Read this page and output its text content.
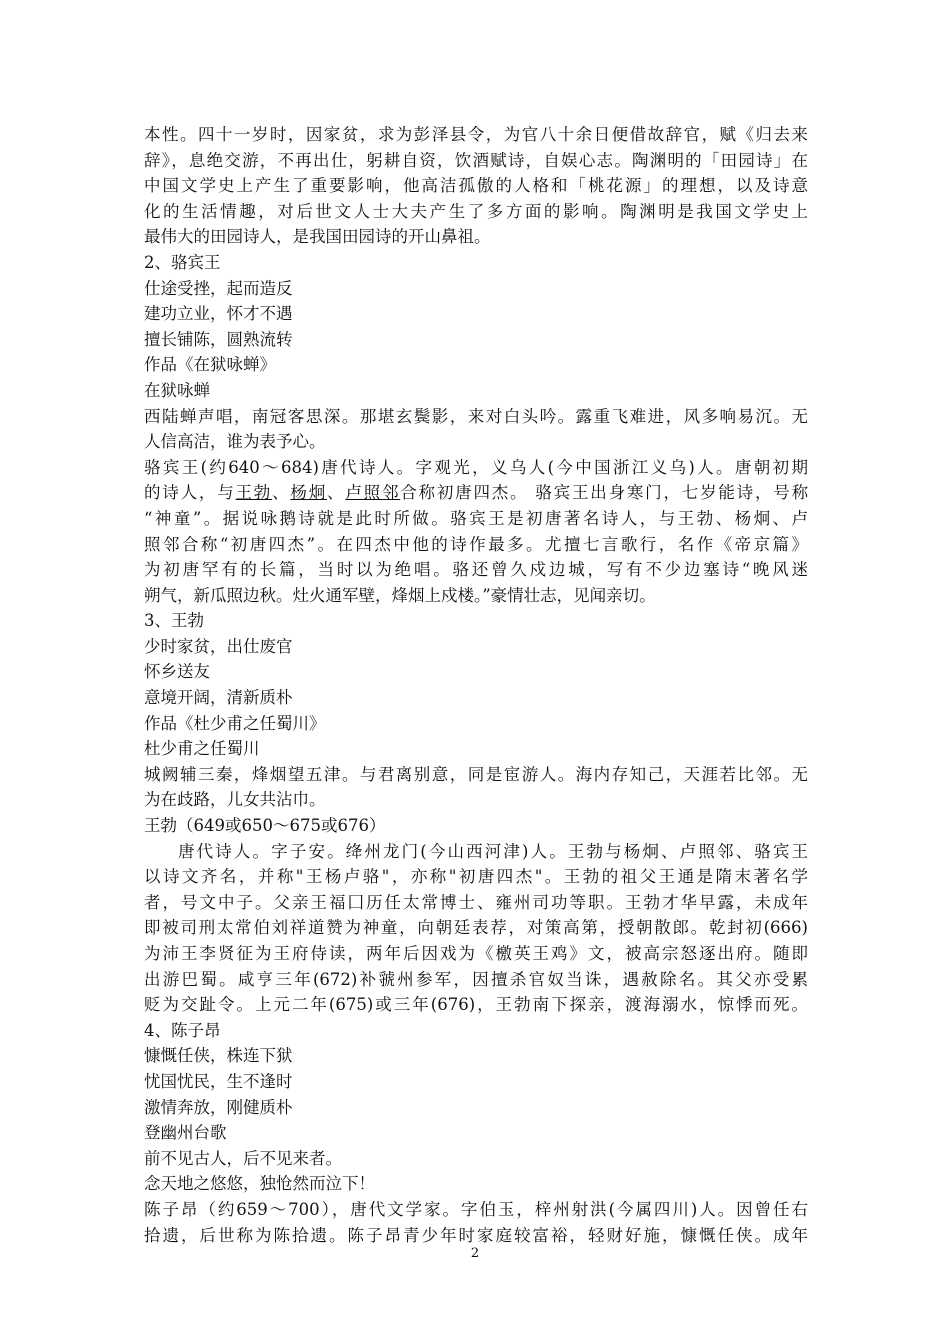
本性。四十一岁时，因家贫，求为彭泽县令，为官八十余日便借故辞官，赋《归去来
辞》，息绝交游，不再出仕，躬耕自资，饮酒赋诗，自娱心志。陶渊明的「田园诗」在
中国文学史上产生了重要影响，他高洁孤傲的人格和「桃花源」的理想，以及诗意
化的生活情趣，对后世文人士大夫产生了多方面的影响。陶渊明是我国文学史上
最伟大的田园诗人，是我国田园诗的开山鼻祖。
2、骆宾王
仕途受挫，起而造反
建功立业，怀才不遇
擅长铺陈，圆熟流转
作品《在狱咏蝉》
在狱咏蝉
西陆蝉声唱，南冠客思深。那堪玄鬓影，来对白头吟。露重飞难进，风多响易沉。无
人信高洁，谁为表予心。
骆宾王(约640～684)唐代诗人。字观光，义乌人(今中国浙江义乌)人。唐朝初期
的诗人，与王勃、杨炯、卢照邻合称初唐四杰。 骆宾王出身寒门，七岁能诗，号称
“神童”。据说咏鹅诗就是此时所做。骆宾王是初唐著名诗人，与王勃、杨炯、卢
照邻合称“初唐四杰”。在四杰中他的诗作最多。尤擅七言歌行，名作《帝京篇》
为初唐罕有的长篇，当时以为绝唱。骆还曾久戍边城，写有不少边塞诗“晚风迷
朔气，新瓜照边秋。灶火通军壁，烽烟上戍楼。”豪情壮志，见闻亲切。
3、王勃
少时家贫，出仕废官
怀乡送友
意境开阔，清新质朴
作品《杜少甫之任蜀川》
杜少甫之任蜀川
城阙辅三秦，烽烟望五津。与君离别意，同是宦游人。海内存知己，天涯若比邻。无
为在歧路，儿女共沾巾。
王勃（649或650～675或676）
唐代诗人。字子安。绛州龙门(今山西河津)人。王勃与杨炯、卢照邻、骆宾王
以诗文齐名，并称"王杨卢骆"，亦称"初唐四杰"。王勃的祖父王通是隋末著名学
者，号文中子。父亲王福囗历任太常博士、雍州司功等职。王勃才华早露，未成年
即被司刑太常伯刘祥道赞为神童，向朝廷表荐，对策高第，授朝散郎。乾封初(666)
为沛王李贤征为王府侍读，两年后因戏为《檄英王鸡》文，被高宗怒逐出府。随即
出游巴蜀。咸亨三年(672)补虢州参军，因擅杀官奴当诛，遇赦除名。其父亦受累
贬为交趾令。上元二年(675)或三年(676)，王勃南下探亲，渡海溺水，惊悸而死。
4、陈子昂
慷慨任侠，株连下狱
忧国忧民，生不逢时
激情奔放，刚健质朴
登幽州台歌
前不见古人，后不见来者。
念天地之悠悠，独怆然而泣下！
陈子昂（约659～700），唐代文学家。字伯玉，梓州射洪(今属四川)人。因曾任右
拾遗，后世称为陈拾遗。陈子昂青少年时家庭较富裕，轻财好施，慷慨任侠。成年
2
